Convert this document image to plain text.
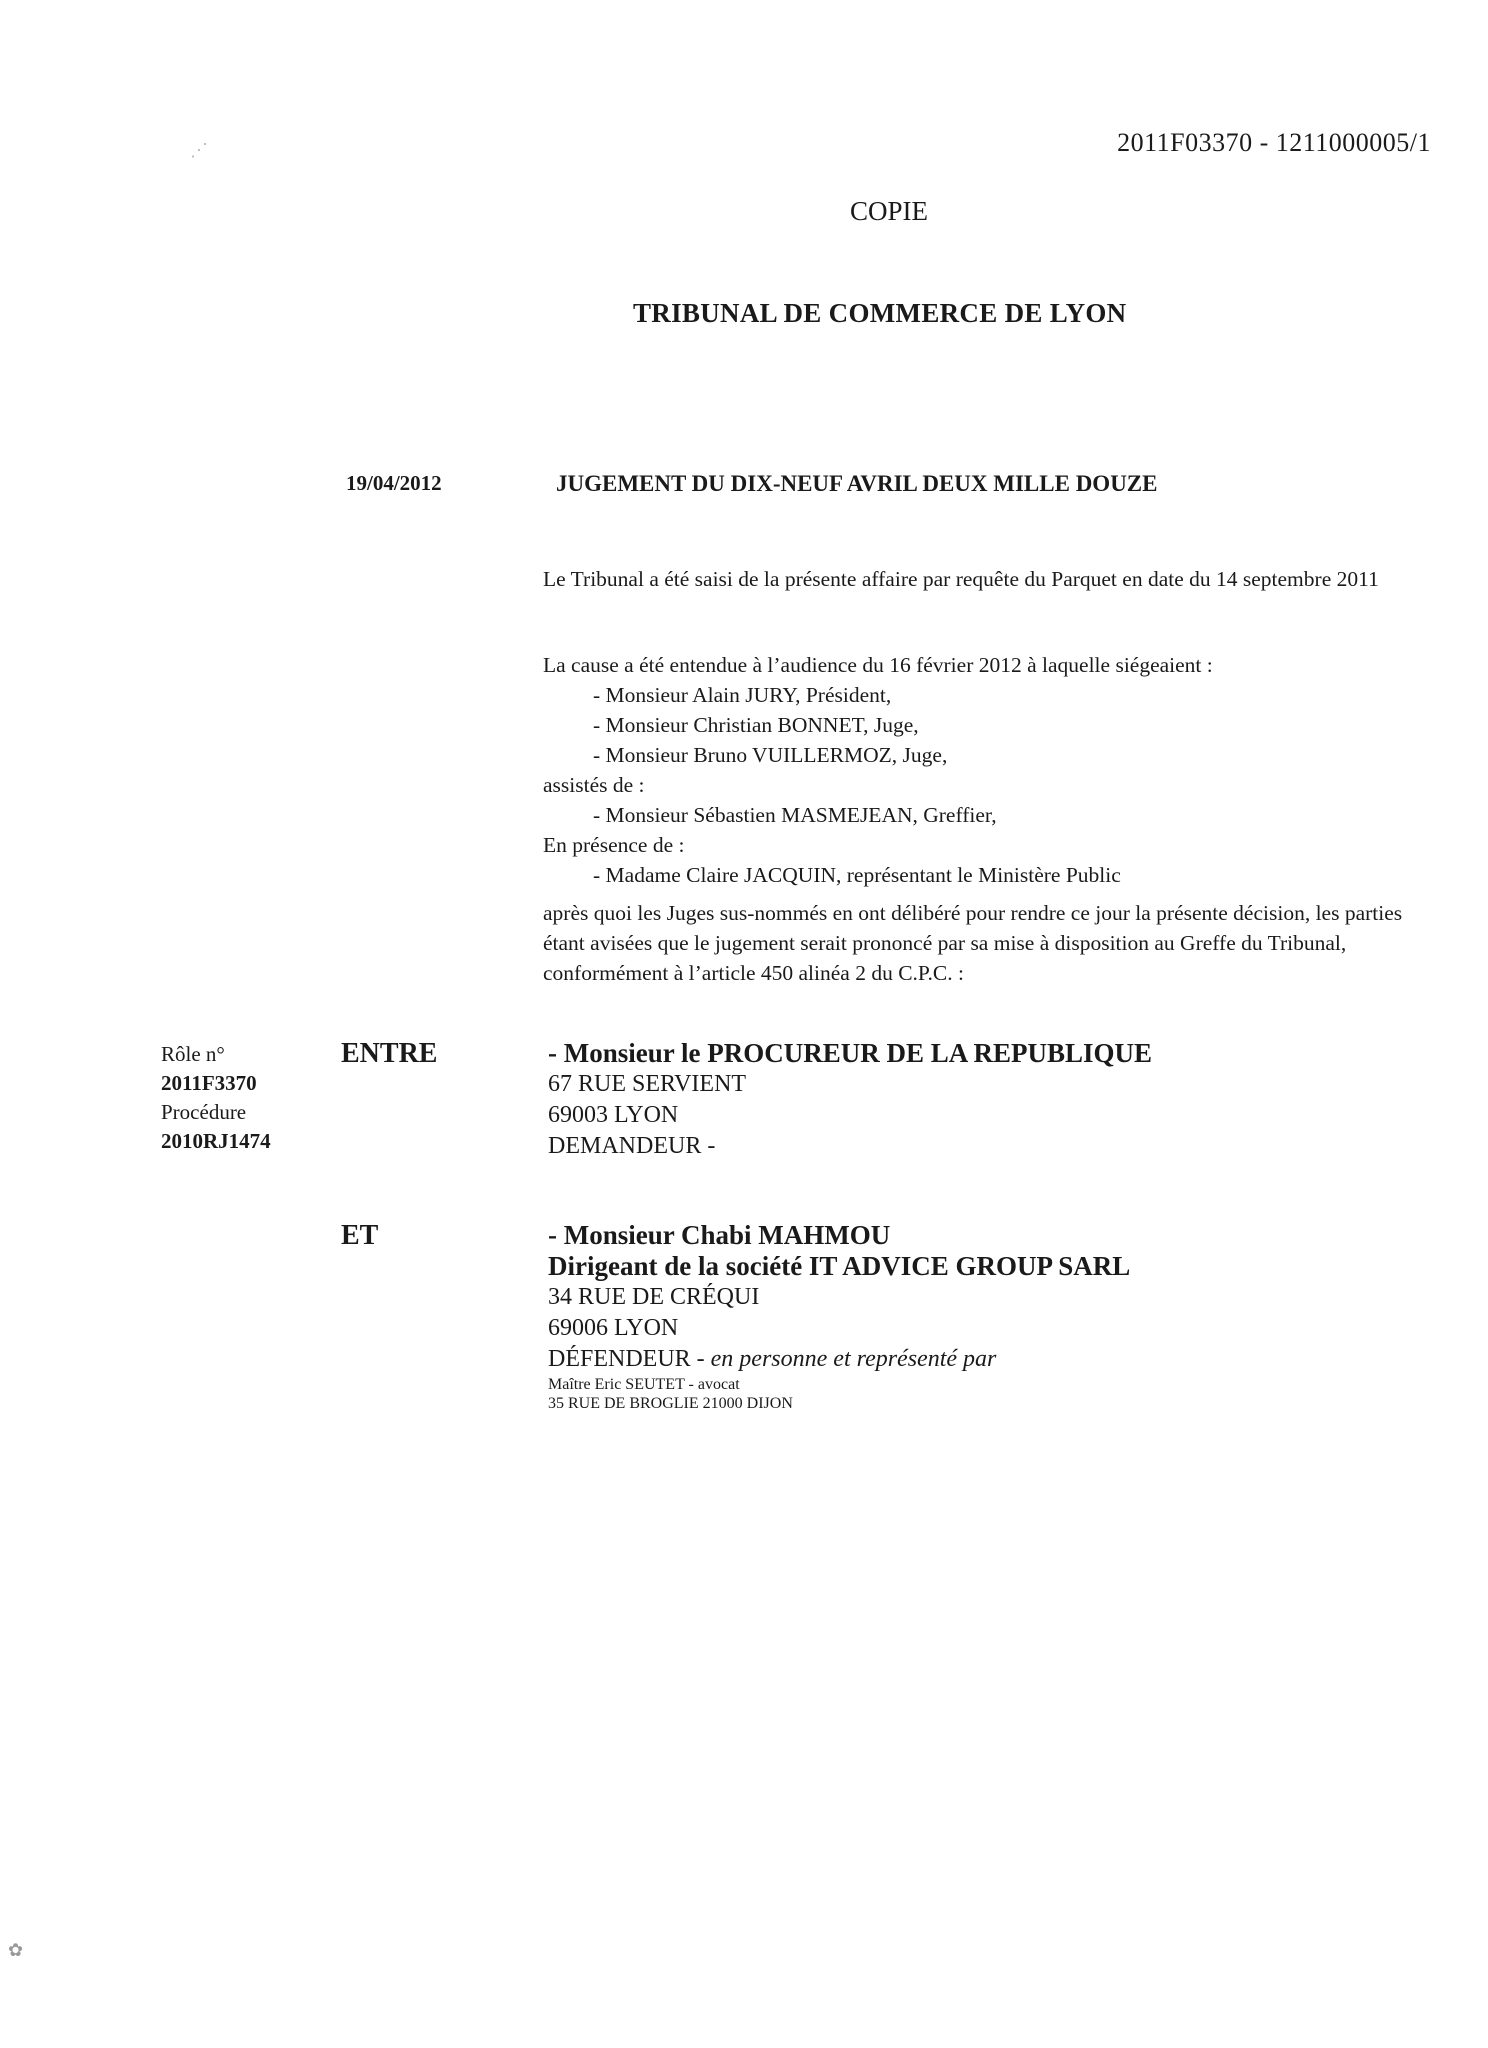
2011F03370 - 1211000005/1
COPIE
TRIBUNAL DE COMMERCE DE LYON
19/04/2012	JUGEMENT DU DIX-NEUF AVRIL DEUX MILLE DOUZE
Le Tribunal a été saisi de la présente affaire par requête du Parquet en date du 14 septembre 2011
La cause a été entendue à l’audience du 16 février 2012 à laquelle siégeaient :
- Monsieur Alain JURY, Président,
- Monsieur Christian BONNET, Juge,
- Monsieur Bruno VUILLERMOZ, Juge,
assistés de :
- Monsieur Sébastien MASMEJEAN, Greffier,
En présence de :
- Madame Claire JACQUIN, représentant le Ministère Public
après quoi les Juges sus-nommés en ont délibéré pour rendre ce jour la présente décision, les parties étant avisées que le jugement serait prononcé par sa mise à disposition au Greffe du Tribunal, conformément à l’article 450 alinéa 2 du C.P.C. :
Rôle n°
2011F3370
Procédure
2010RJ1474
ENTRE	- Monsieur le PROCUREUR DE LA REPUBLIQUE
67 RUE SERVIENT
69003 LYON
DEMANDEUR -
ET	- Monsieur Chabi MAHMOU
Dirigeant de la société IT ADVICE GROUP SARL
34 RUE DE CRÉQUI
69006 LYON
DÉFENDEUR - en personne et représenté par
Maître Eric SEUTET - avocat
35 RUE DE BROGLIE 21000 DIJON
⋰
✿
